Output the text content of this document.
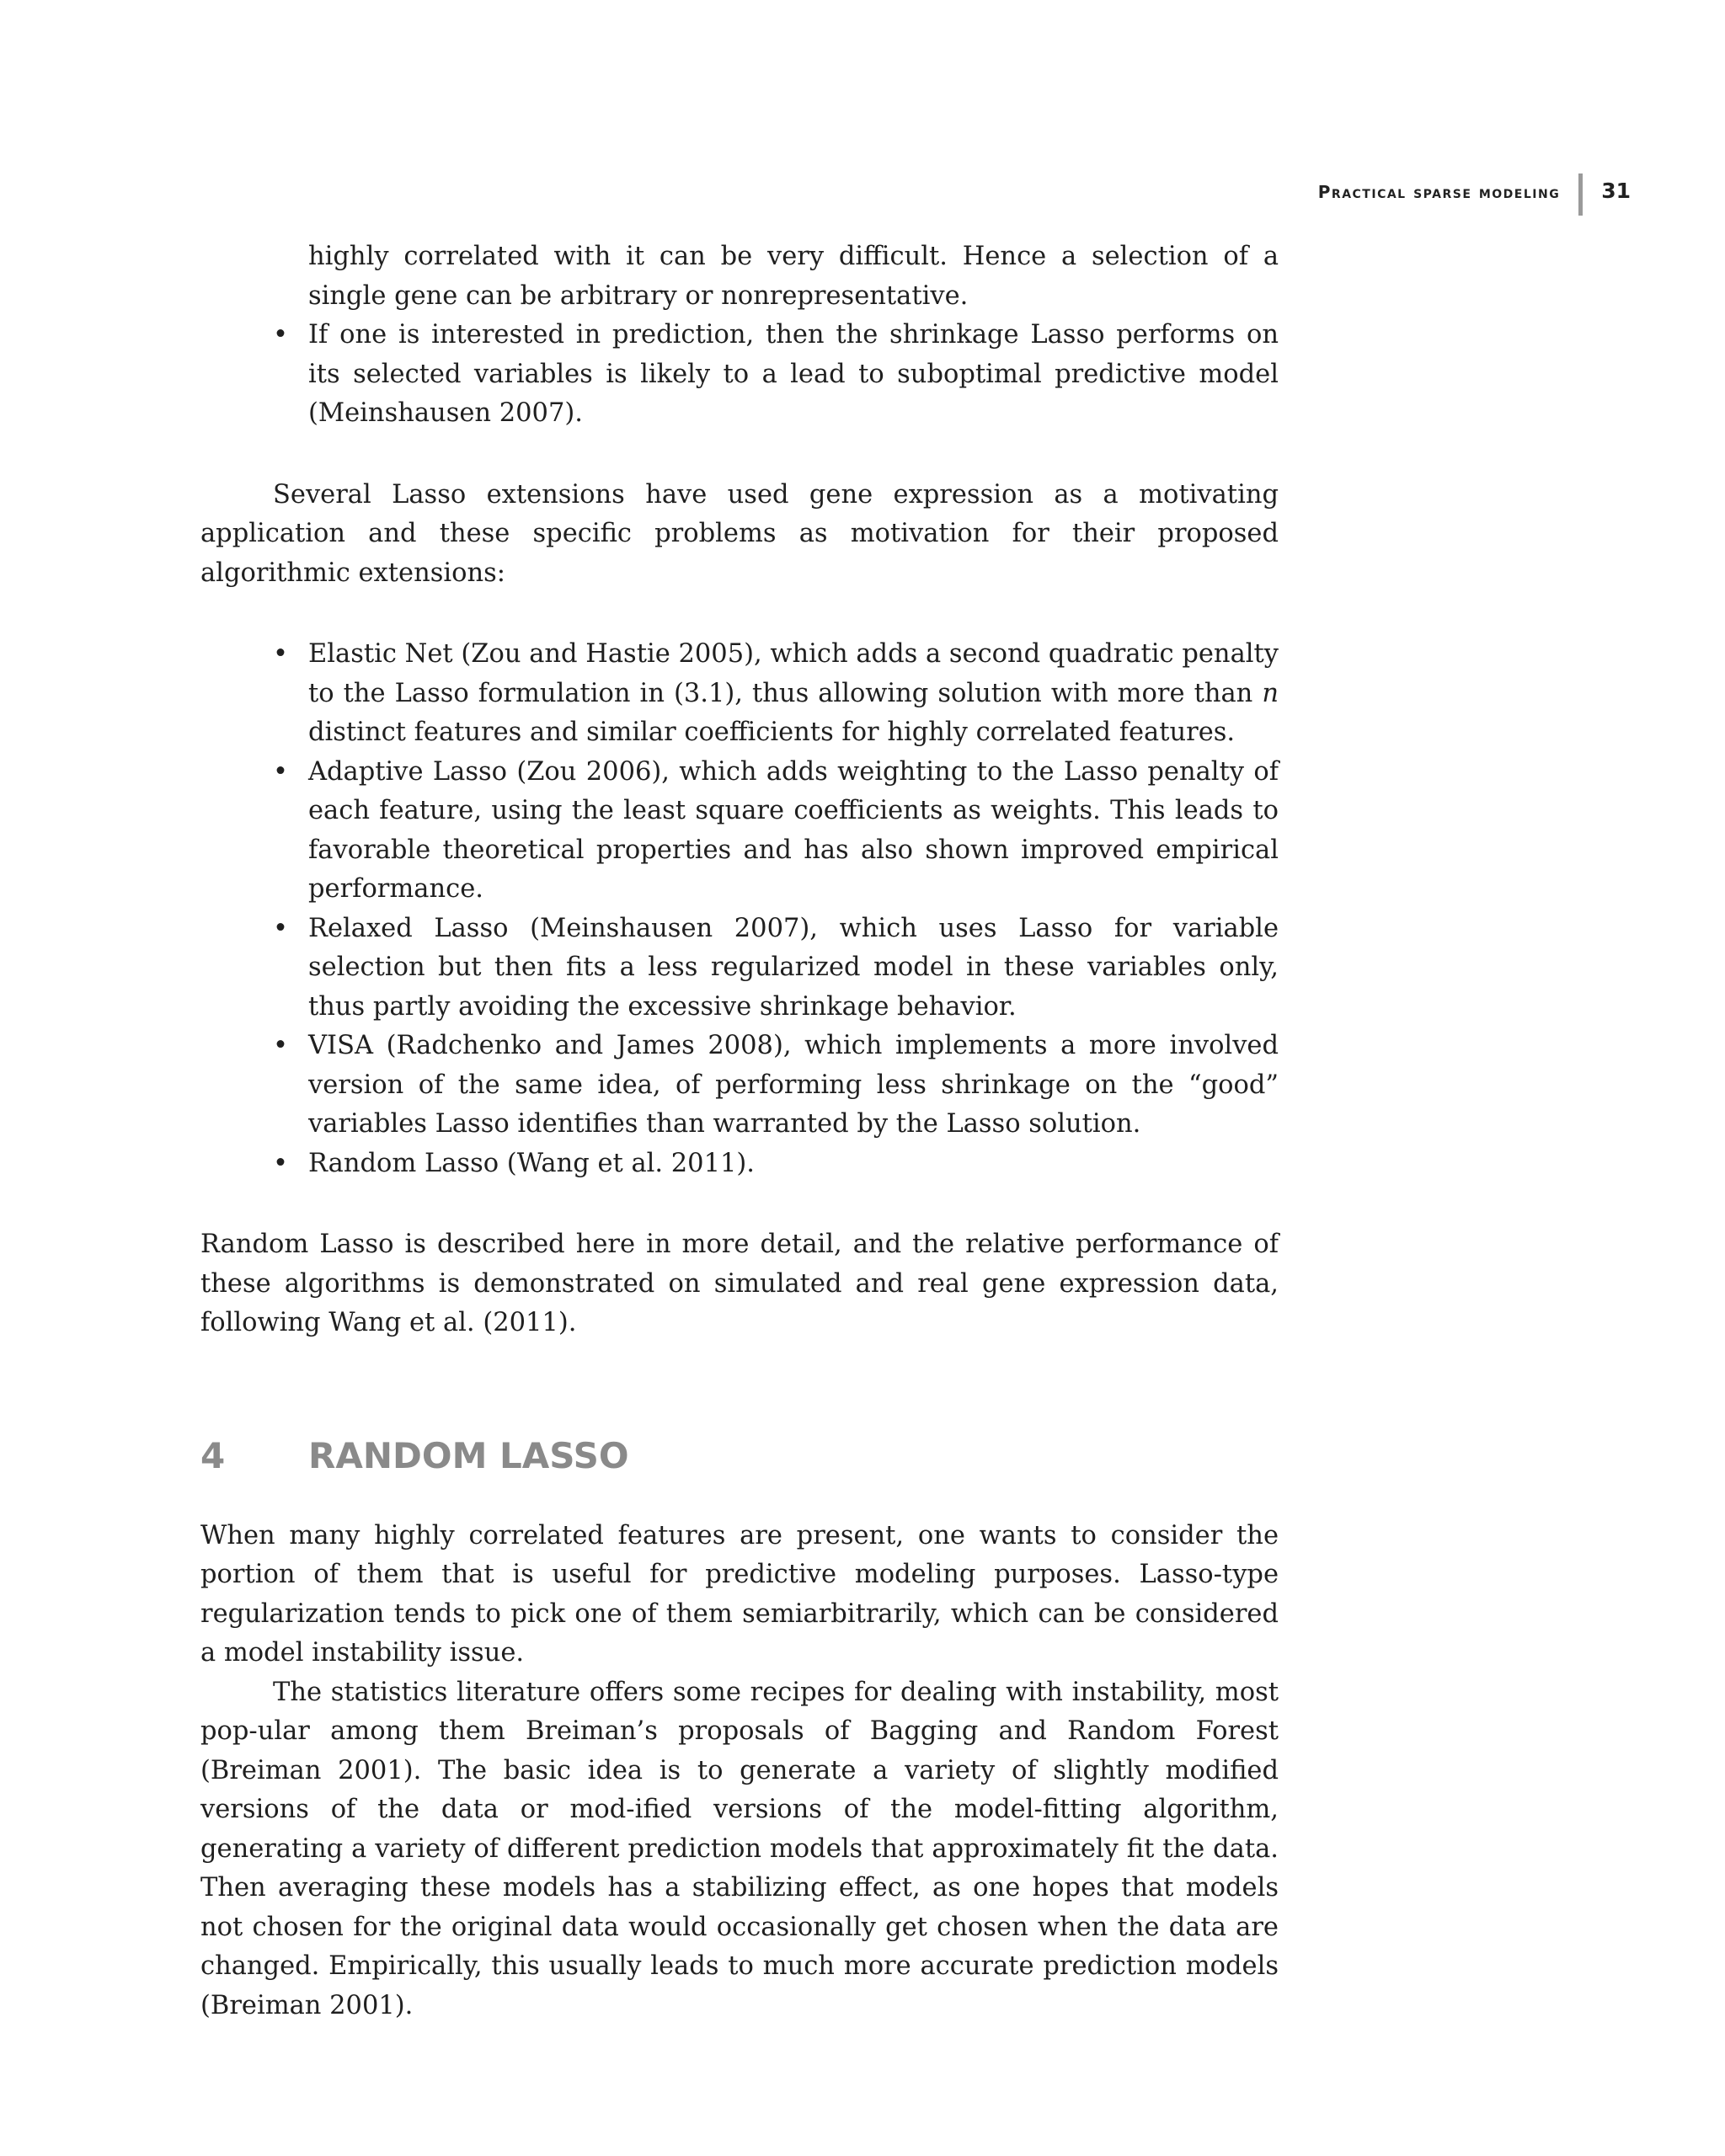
Practical sparse modeling 31
highly correlated with it can be very difficult. Hence a selection of a single gene can be arbitrary or nonrepresentative.
• If one is interested in prediction, then the shrinkage Lasso performs on its selected variables is likely to a lead to suboptimal predictive model (Meinshausen 2007).

Several Lasso extensions have used gene expression as a motivating application and these specific problems as motivation for their proposed algorithmic extensions:

• Elastic Net (Zou and Hastie 2005), which adds a second quadratic penalty to the Lasso formulation in (3.1), thus allowing solution with more than n distinct features and similar coefficients for highly correlated features.
• Adaptive Lasso (Zou 2006), which adds weighting to the Lasso penalty of each feature, using the least square coefficients as weights. This leads to favorable theoretical properties and has also shown improved empirical performance.
• Relaxed Lasso (Meinshausen 2007), which uses Lasso for variable selection but then fits a less regularized model in these variables only, thus partly avoiding the excessive shrinkage behavior.
• VISA (Radchenko and James 2008), which implements a more involved version of the same idea, of performing less shrinkage on the “good” variables Lasso identifies than warranted by the Lasso solution.
• Random Lasso (Wang et al. 2011).

Random Lasso is described here in more detail, and the relative performance of these algorithms is demonstrated on simulated and real gene expression data, following Wang et al. (2011).

4	RANDOM LASSO

When many highly correlated features are present, one wants to consider the portion of them that is useful for predictive modeling purposes. Lasso-type regularization tends to pick one of them semiarbitrarily, which can be considered a model instability issue.

The statistics literature offers some recipes for dealing with instability, most pop-ular among them Breiman’s proposals of Bagging and Random Forest (Breiman 2001). The basic idea is to generate a variety of slightly modified versions of the data or mod-ified versions of the model-fitting algorithm, generating a variety of different prediction models that approximately fit the data. Then averaging these models has a stabilizing effect, as one hopes that models not chosen for the original data would occasionally get chosen when the data are changed. Empirically, this usually leads to much more accurate prediction models (Breiman 2001).
